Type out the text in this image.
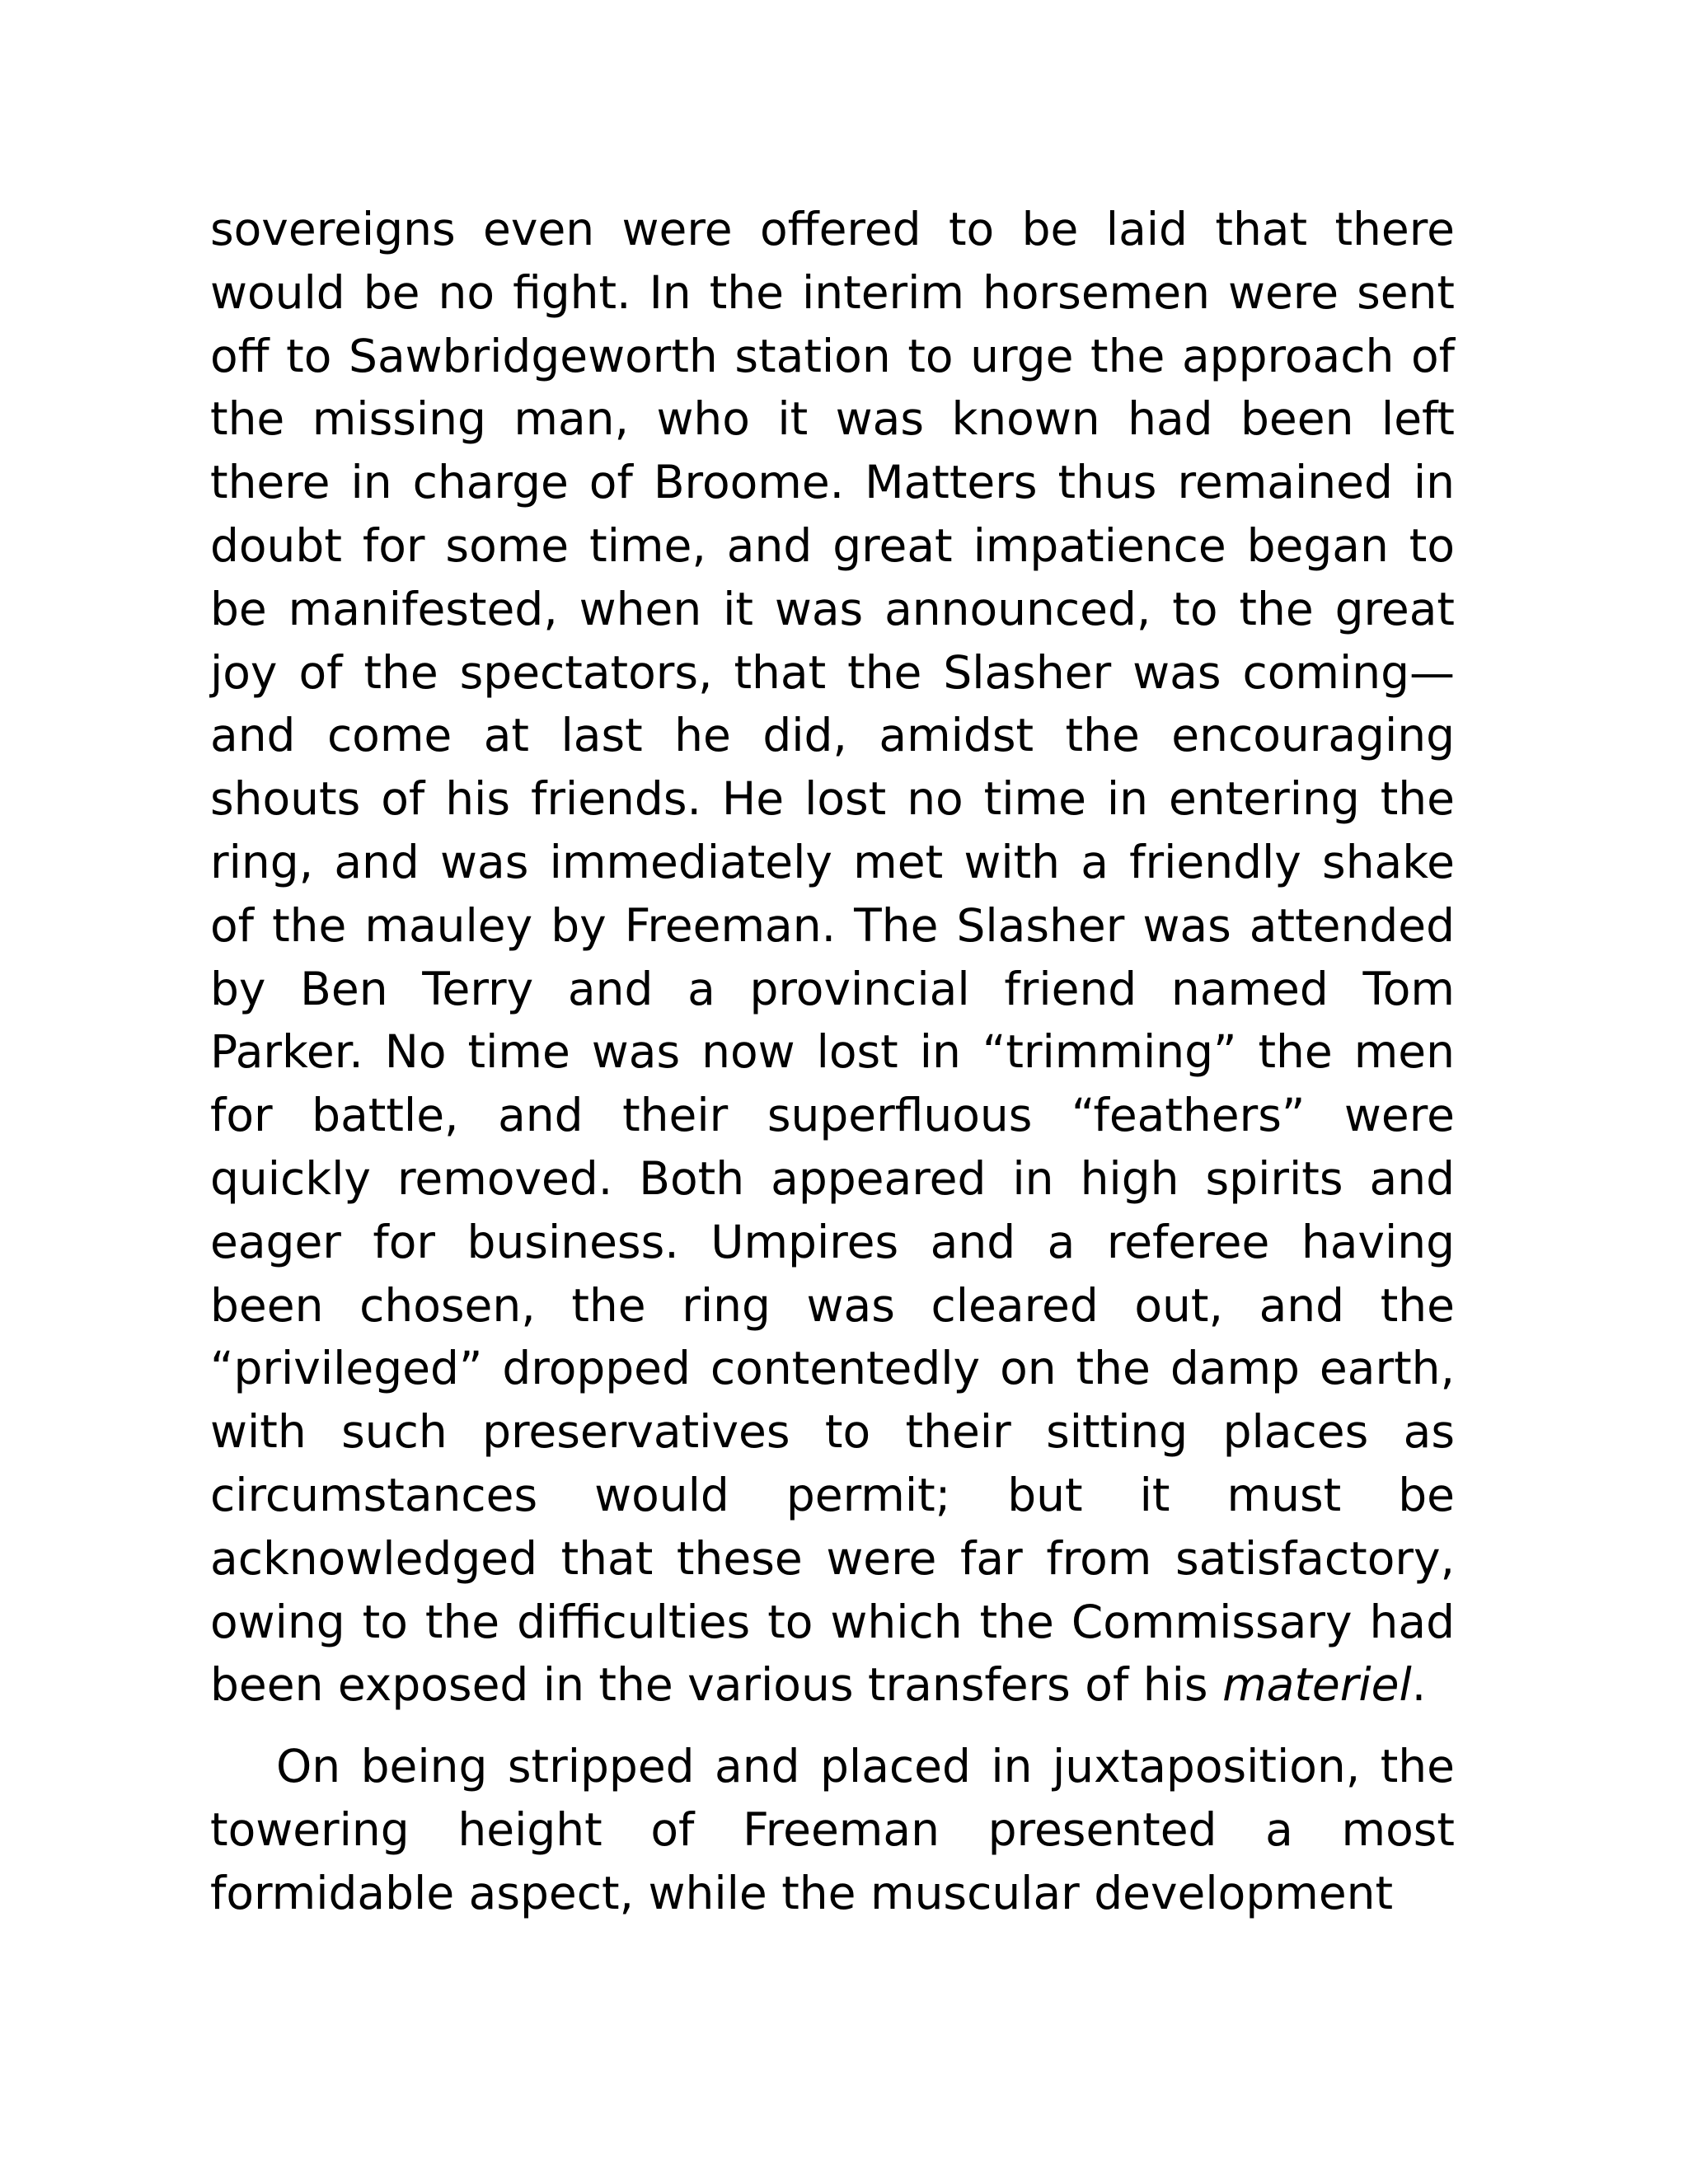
sovereigns even were offered to be laid that there would be no fight. In the interim horsemen were sent off to Sawbridgeworth station to urge the approach of the missing man, who it was known had been left there in charge of Broome. Matters thus remained in doubt for some time, and great impatience began to be manifested, when it was announced, to the great joy of the spectators, that the Slasher was coming—and come at last he did, amidst the encouraging shouts of his friends. He lost no time in entering the ring, and was immediately met with a friendly shake of the mauley by Freeman. The Slasher was attended by Ben Terry and a provincial friend named Tom Parker. No time was now lost in “trimming” the men for battle, and their superfluous “feathers” were quickly removed. Both appeared in high spirits and eager for business. Umpires and a referee having been chosen, the ring was cleared out, and the “privileged” dropped contentedly on the damp earth, with such preservatives to their sitting places as circumstances would permit; but it must be acknowledged that these were far from satisfactory, owing to the difficulties to which the Commissary had been exposed in the various transfers of his materiel.

On being stripped and placed in juxtaposition, the towering height of Freeman presented a most formidable aspect, while the muscular development
